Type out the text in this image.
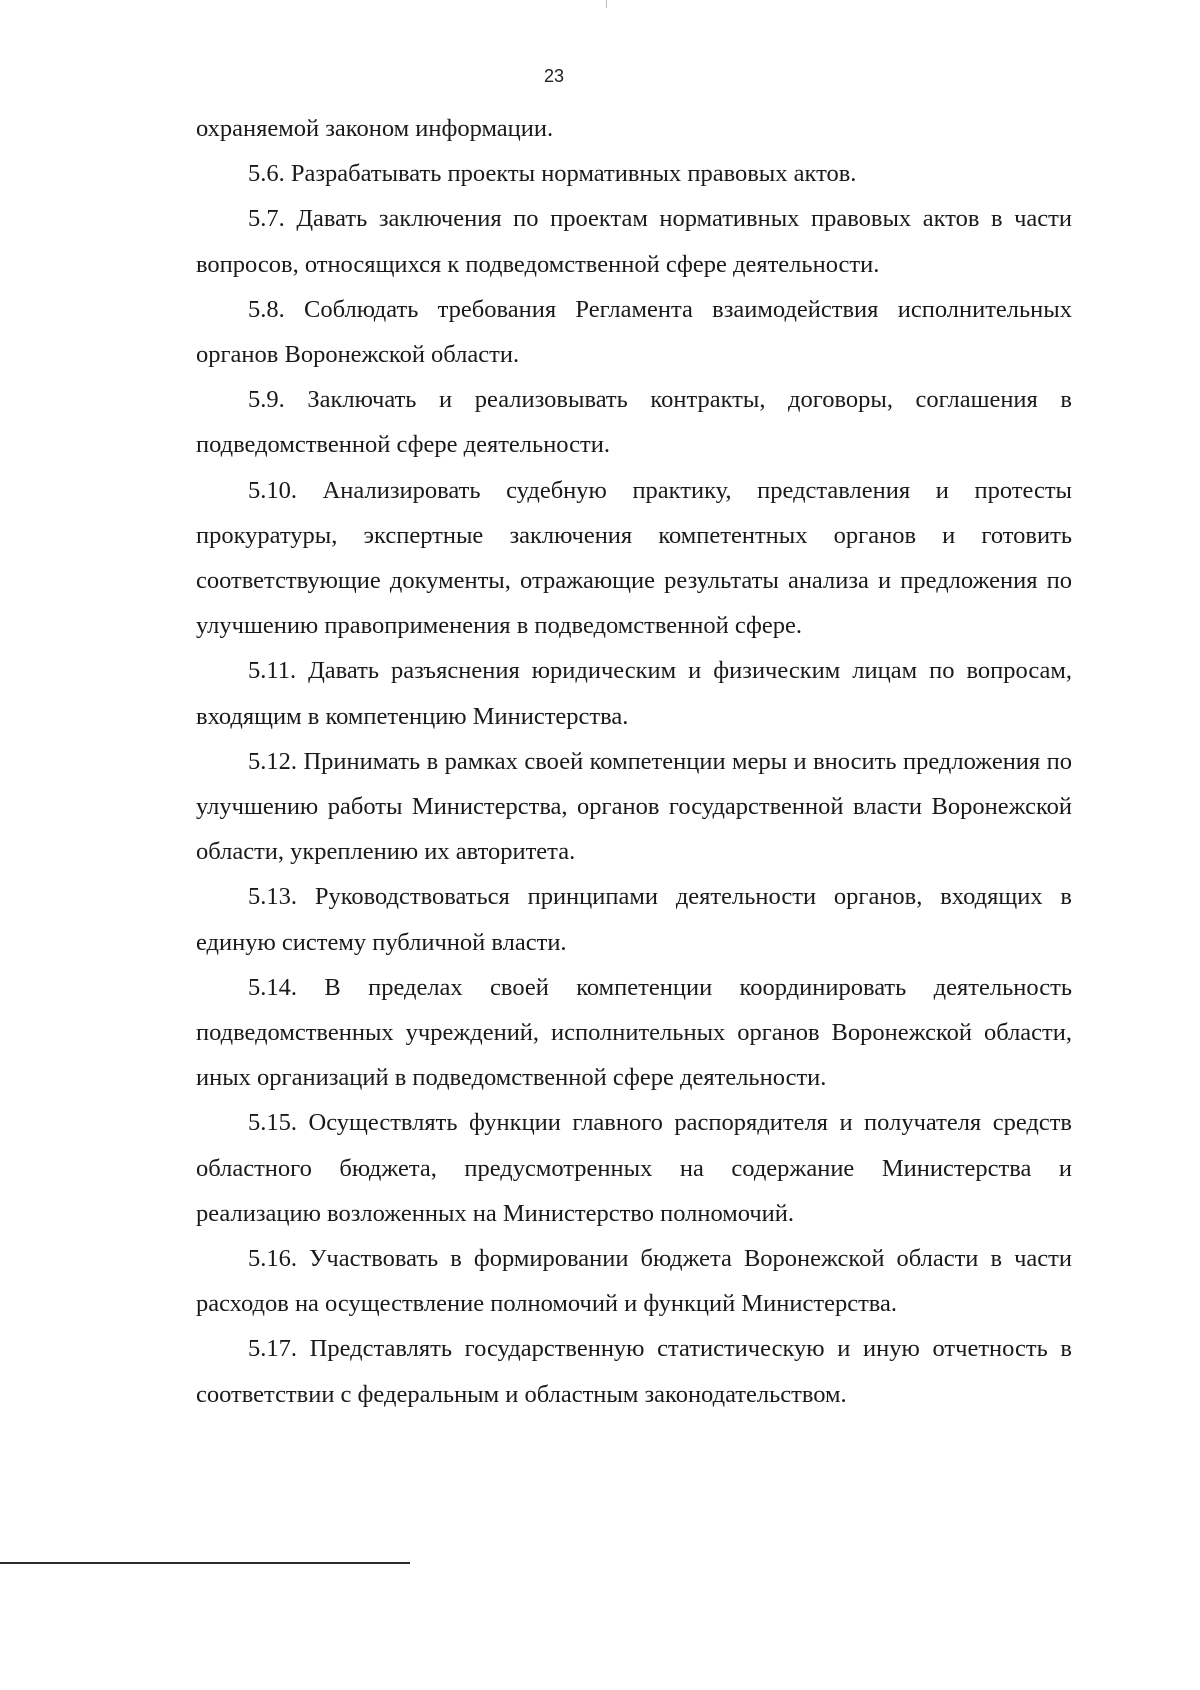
23

охраняемой законом информации.

5.6. Разрабатывать проекты нормативных правовых актов.

5.7. Давать заключения по проектам нормативных правовых актов в части вопросов, относящихся к подведомственной сфере деятельности.

5.8. Соблюдать требования Регламента взаимодействия исполнительных органов Воронежской области.

5.9. Заключать и реализовывать контракты, договоры, соглашения в подведомственной сфере деятельности.

5.10. Анализировать судебную практику, представления и протесты прокуратуры, экспертные заключения компетентных органов и готовить соответствующие документы, отражающие результаты анализа и предложения по улучшению правоприменения в подведомственной сфере.

5.11. Давать разъяснения юридическим и физическим лицам по вопросам, входящим в компетенцию Министерства.

5.12. Принимать в рамках своей компетенции меры и вносить предложения по улучшению работы Министерства, органов государственной власти Воронежской области, укреплению их авторитета.

5.13. Руководствоваться принципами деятельности органов, входящих в единую систему публичной власти.

5.14. В пределах своей компетенции координировать деятельность подведомственных учреждений, исполнительных органов Воронежской области, иных организаций в подведомственной сфере деятельности.

5.15. Осуществлять функции главного распорядителя и получателя средств областного бюджета, предусмотренных на содержание Министерства и реализацию возложенных на Министерство полномочий.

5.16. Участвовать в формировании бюджета Воронежской области в части расходов на осуществление полномочий и функций Министерства.

5.17. Представлять государственную статистическую и иную отчетность в соответствии с федеральным и областным законодательством.
